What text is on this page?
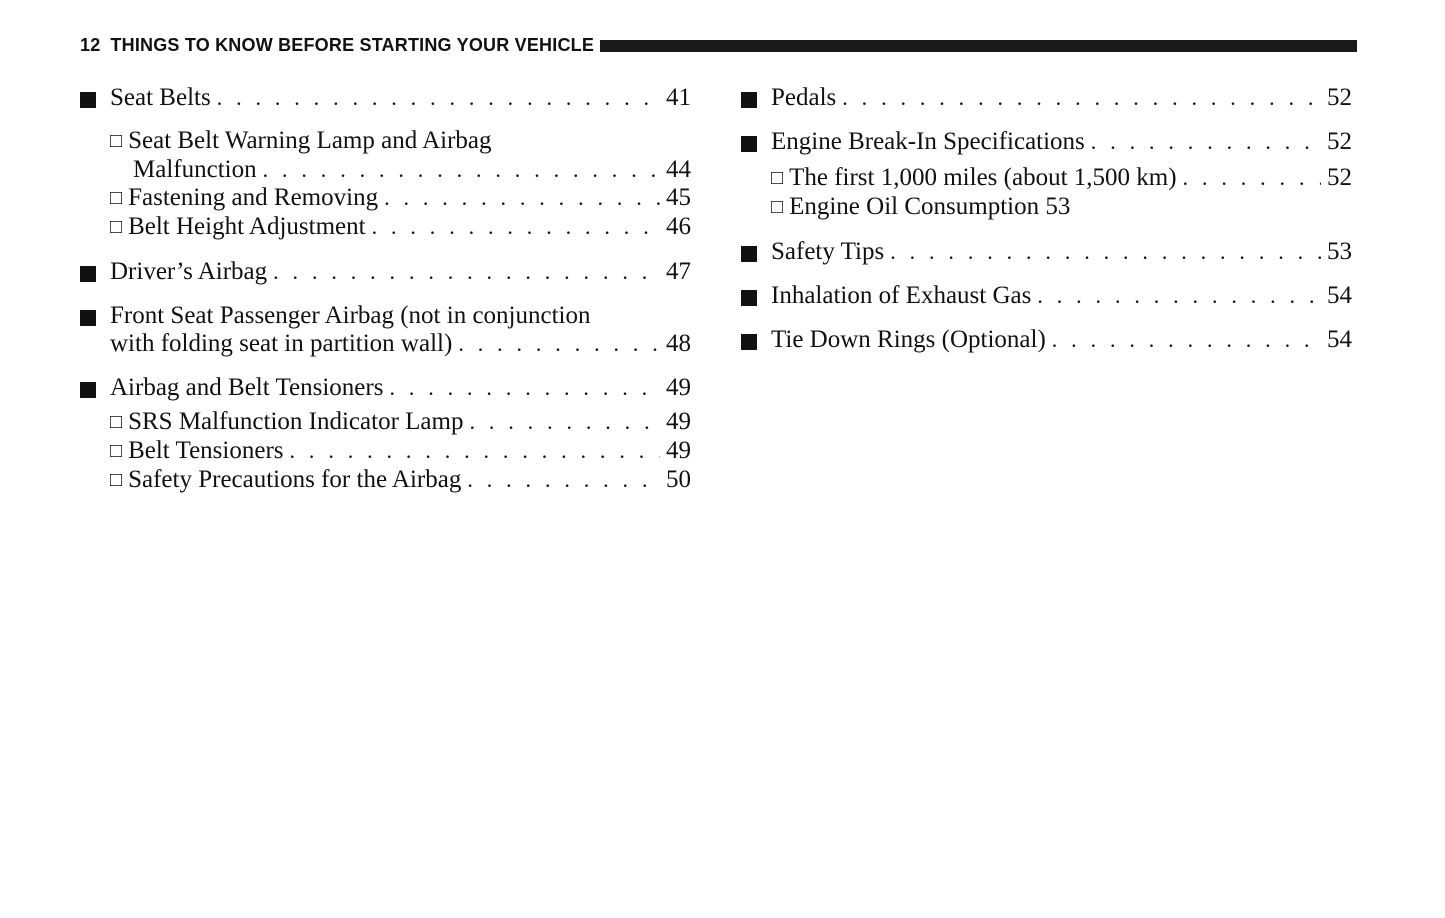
12 THINGS TO KNOW BEFORE STARTING YOUR VEHICLE
Seat Belts . . .	41
□ Seat Belt Warning Lamp and Airbag
Malfunction . . .	44
□ Fastening and Removing . . .	45
□ Belt Height Adjustment . . .	46
Driver’s Airbag . . .	47
Front Seat Passenger Airbag (not in conjunction
with folding seat in partition wall) . . .	48
Airbag and Belt Tensioners . . .	49
□ SRS Malfunction Indicator Lamp . . .	49
□ Belt Tensioners . . .	49
□ Safety Precautions for the Airbag . . .	50
Pedals . . .	52
Engine Break-In Specifications . . .	52
□ The first 1,000 miles (about 1,500 km) . . .	52
□ Engine Oil Consumption 53
Safety Tips . . .	53
Inhalation of Exhaust Gas . . .	54
Tie Down Rings (Optional) . . .	54
